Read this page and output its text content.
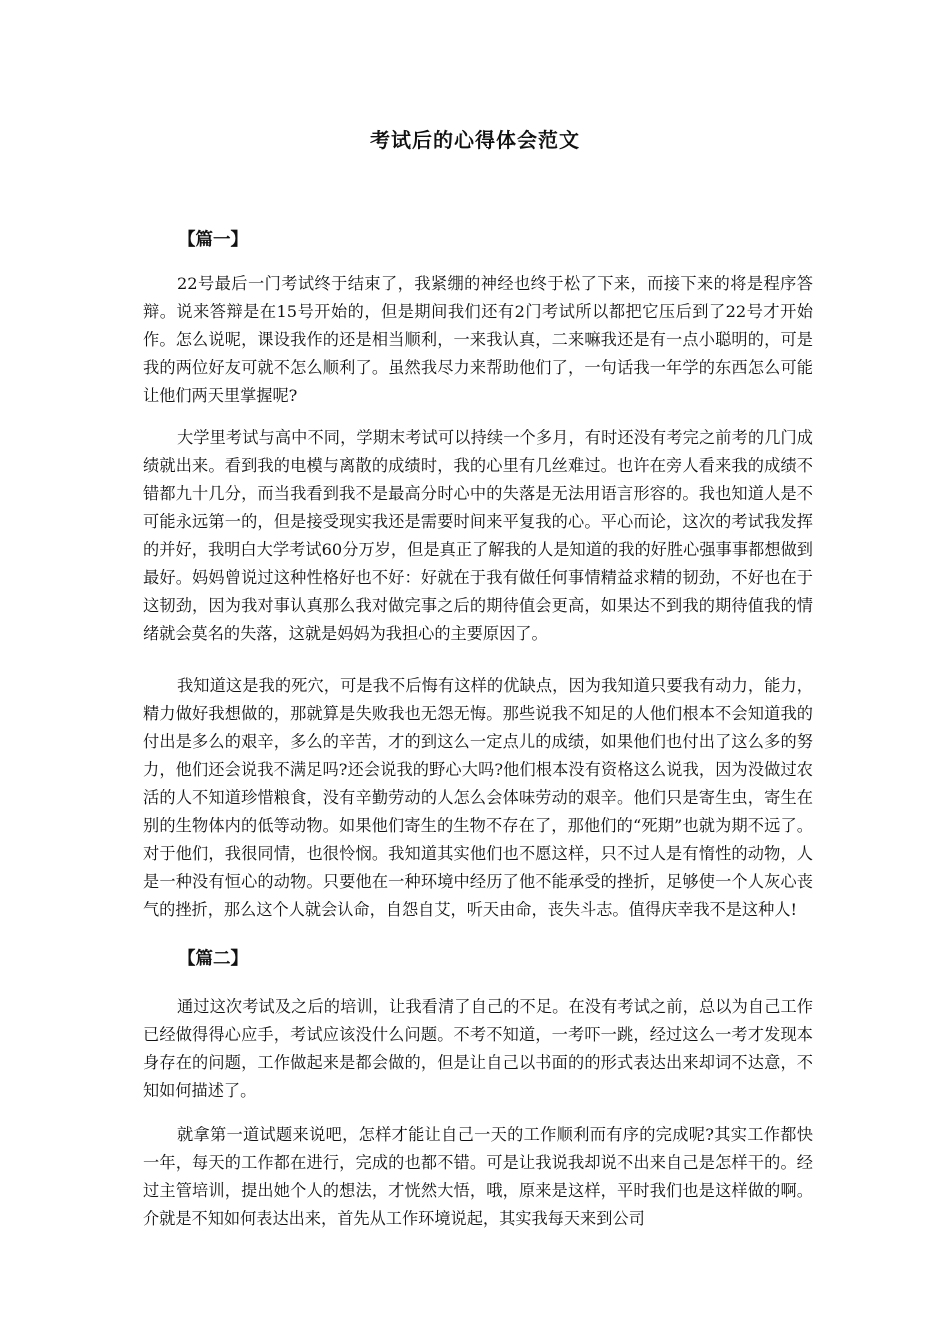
考试后的心得体会范文
【篇一】

22号最后一门考试终于结束了，我紧绷的神经也终于松了下来，而接下来的将是程序答辩。说来答辩是在15号开始的，但是期间我们还有2门考试所以都把它压后到了22号才开始作。怎么说呢，课设我作的还是相当顺利，一来我认真，二来嘛我还是有一点小聪明的，可是我的两位好友可就不怎么顺利了。虽然我尽力来帮助他们了，一句话我一年学的东西怎么可能让他们两天里掌握呢?

大学里考试与高中不同，学期末考试可以持续一个多月，有时还没有考完之前考的几门成绩就出来。看到我的电模与离散的成绩时，我的心里有几丝难过。也许在旁人看来我的成绩不错都九十几分，而当我看到我不是最高分时心中的失落是无法用语言形容的。我也知道人是不可能永远第一的，但是接受现实我还是需要时间来平复我的心。平心而论，这次的考试我发挥的并好，我明白大学考试60分万岁，但是真正了解我的人是知道的我的好胜心强事事都想做到最好。妈妈曾说过这种性格好也不好：好就在于我有做任何事情精益求精的韧劲，不好也在于这韧劲，因为我对事认真那么我对做完事之后的期待值会更高，如果达不到我的期待值我的情绪就会莫名的失落，这就是妈妈为我担心的主要原因了。

我知道这是我的死穴，可是我不后悔有这样的优缺点，因为我知道只要我有动力，能力，精力做好我想做的，那就算是失败我也无怨无悔。那些说我不知足的人他们根本不会知道我的付出是多么的艰辛，多么的辛苦，才的到这么一定点儿的成绩，如果他们也付出了这么多的努力，他们还会说我不满足吗?还会说我的野心大吗?他们根本没有资格这么说我，因为没做过农活的人不知道珍惜粮食，没有辛勤劳动的人怎么会体味劳动的艰辛。他们只是寄生虫，寄生在别的生物体内的低等动物。如果他们寄生的生物不存在了，那他们的“死期”也就为期不远了。对于他们，我很同情，也很怜悯。我知道其实他们也不愿这样，只不过人是有惰性的动物，人是一种没有恒心的动物。只要他在一种环境中经历了他不能承受的挫折，足够使一个人灰心丧气的挫折，那么这个人就会认命，自怨自艾，听天由命，丧失斗志。值得庆幸我不是这种人!

【篇二】

通过这次考试及之后的培训，让我看清了自己的不足。在没有考试之前，总以为自己工作已经做得得心应手，考试应该没什么问题。不考不知道，一考吓一跳，经过这么一考才发现本身存在的问题，工作做起来是都会做的，但是让自己以书面的的形式表达出来却词不达意，不知如何描述了。

就拿第一道试题来说吧，怎样才能让自己一天的工作顺利而有序的完成呢?其实工作都快一年，每天的工作都在进行，完成的也都不错。可是让我说我却说不出来自己是怎样干的。经过主管培训，提出她个人的想法，才恍然大悟，哦，原来是这样，平时我们也是这样做的啊。介就是不知如何表达出来，首先从工作环境说起，其实我每天来到公司
